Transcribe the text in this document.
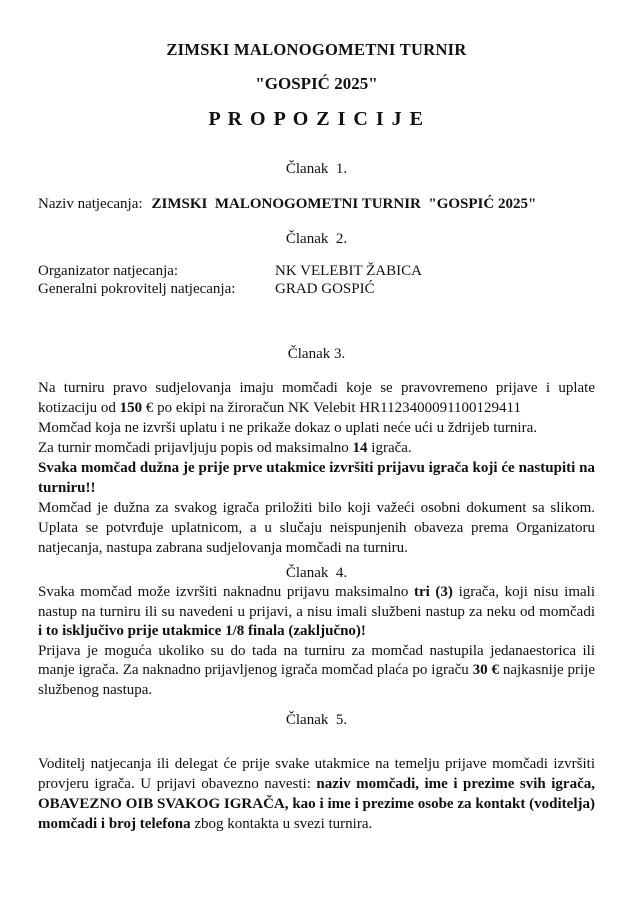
ZIMSKI MALONOGOMETNI TURNIR

"GOSPIĆ 2025"

P R O P O Z I C I J E

Članak  1.

Naziv natjecanja: ZIMSKI  MALONOGOMETNI TURNIR  "GOSPIĆ 2025"

Članak  2.

Organizator natjecanja:	NK VELEBIT ŽABICA
Generalni pokrovitelj natjecanja:	GRAD GOSPIĆ

Članak 3.

Na turniru pravo sudjelovanja imaju momčadi koje se pravovremeno prijave i uplate kotizaciju od 150 € po ekipi na žiroračun NK Velebit HR1123400091100129411

Momčad koja ne izvrši uplatu i ne prikaže dokaz o uplati neće ući u ždrijeb turnira.

Za turnir momčadi prijavljuju popis od maksimalno 14 igrača.

Svaka momčad dužna je prije prve utakmice izvršiti prijavu igrača koji će nastupiti na turniru!!

Momčad je dužna za svakog igrača priložiti bilo koji važeći osobni dokument sa slikom. Uplata se potvrđuje uplatnicom, a u slučaju neispunjenih obaveza prema Organizatoru natjecanja, nastupa zabrana sudjelovanja momčadi na turniru.

Članak  4.

Svaka momčad može izvršiti naknadnu prijavu maksimalno tri (3) igrača, koji nisu imali nastup na turniru ili su navedeni u prijavi, a nisu imali službeni nastup za neku od momčadi i to isključivo prije utakmice 1/8 finala (zaključno)!

Prijava je moguća ukoliko su do tada na turniru za momčad nastupila jedanaestorica ili manje igrača. Za naknadno prijavljenog igrača momčad plaća po igraču 30 € najkasnije prije službenog nastupa.

Članak  5.

Voditelj natjecanja ili delegat će prije svake utakmice na temelju prijave momčadi izvršiti provjeru igrača. U prijavi obavezno navesti: naziv momčadi, ime i prezime svih igrača, OBAVEZNO OIB SVAKOG IGRAČA, kao i ime i prezime osobe za kontakt (voditelja) momčadi i broj telefona zbog kontakta u svezi turnira.
